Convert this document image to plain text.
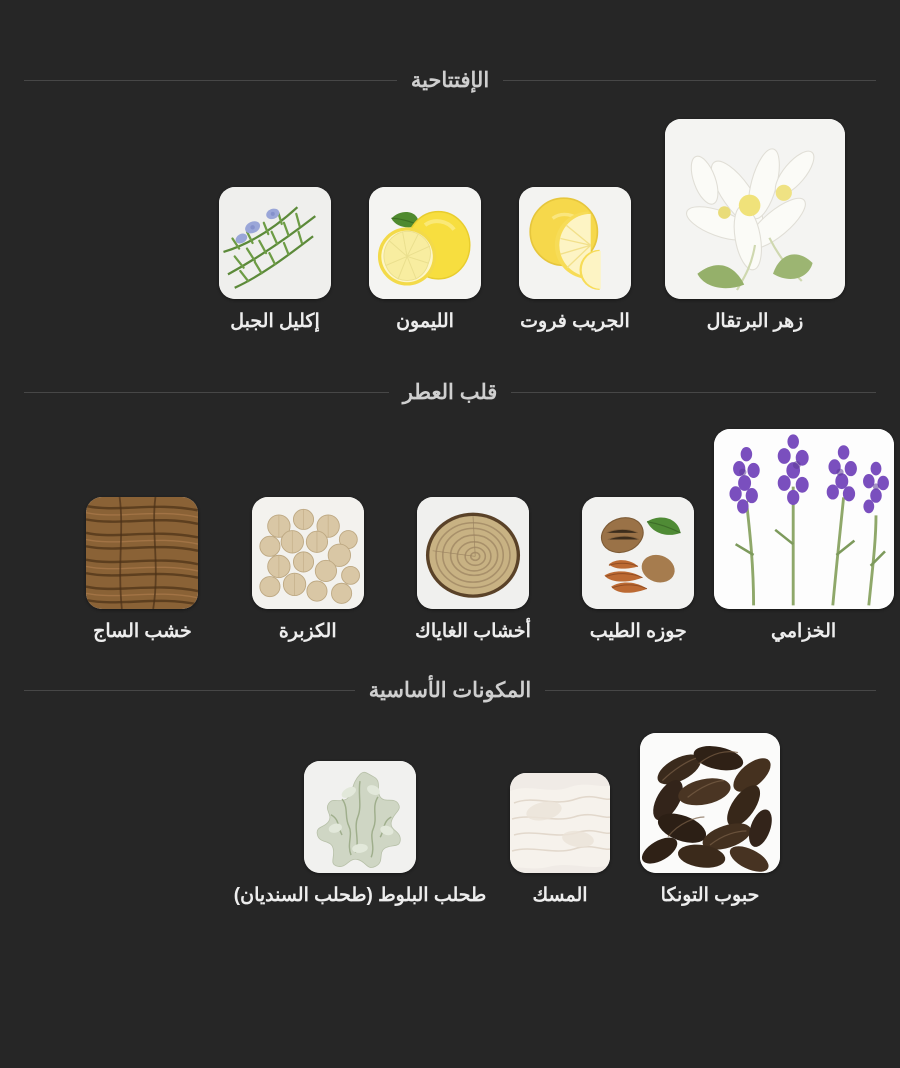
الإفتتاحية
زهر البرتقال
الجريب فروت
الليمون
إكليل الجبل
قلب العطر
الخزامي
جوزه الطيب
أخشاب الغاياك
الكزبرة
خشب الساج
المكونات الأساسية
حبوب التونكا
المسك
طحلب البلوط (طحلب السنديان)
